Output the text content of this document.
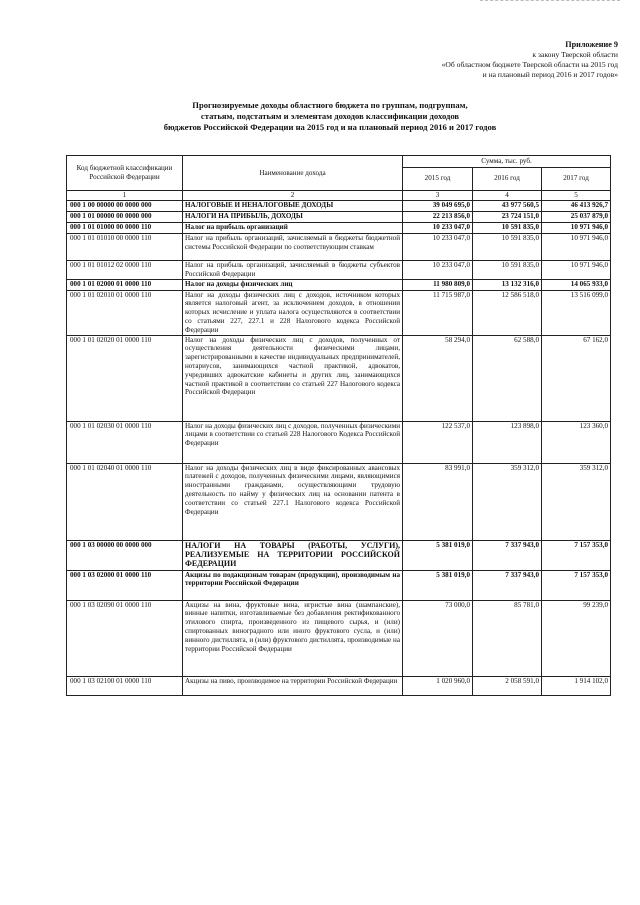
Приложение 9
к закону Тверской области
«Об областном бюджете Тверской области на 2015 год
и на плановый период 2016 и 2017 годов»
Прогнозируемые доходы областного бюджета по группам, подгруппам,
статьям, подстатьям и элементам доходов классификации доходов
бюджетов Российской Федерации на 2015 год и на плановый период 2016 и 2017 годов
Код бюджетной классификации Российской Федерации	Наименование дохода	Сумма, тыс. руб.		
		2015 год	2016 год	2017 год
1	2	3	4	5
000 1 00 00000 00 0000 000	НАЛОГОВЫЕ И НЕНАЛОГОВЫЕ ДОХОДЫ	39 049 695,0	43 977 560,5	46 413 926,7
000 1 01 00000 00 0000 000	НАЛОГИ НА ПРИБЫЛЬ, ДОХОДЫ	22 213 856,0	23 724 151,0	25 037 879,0
000 1 01 01000 00 0000 110	Налог на прибыль организаций	10 233 047,0	10 591 835,0	10 971 946,0
000 1 01 01010 00 0000 110	Налог на прибыль организаций, зачисляемый в бюджеты бюджетной системы Российской Федерации по соответствующим ставкам	10 233 047,0	10 591 835,0	10 971 946,0
000 1 01 01012 02 0000 110	Налог на прибыль организаций, зачисляемый в бюджеты субъектов Российской Федерации	10 233 047,0	10 591 835,0	10 971 946,0
000 1 01 02000 01 0000 110	Налог на доходы физических лиц	11 980 809,0	13 132 316,0	14 065 933,0
000 1 01 02010 01 0000 110	Налог на доходы физических лиц с доходов, источником которых является налоговый агент, за исключением доходов, в отношении которых исчисление и уплата налога осуществляются в соответствии со статьями 227, 227.1 и 228 Налогового кодекса Российской Федерации	11 715 987,0	12 586 518,0	13 516 099,0
000 1 01 02020 01 0000 110	Налог на доходы физических лиц с доходов, полученных от осуществления деятельности физическими лицами, зарегистрированными в качестве индивидуальных предпринимателей, нотариусов, занимающихся частной практикой, адвокатов, учредивших адвокатские кабинеты и других лиц, занимающихся частной практикой в соответствии со статьей 227 Налогового кодекса Российской Федерации	58 294,0	62 588,0	67 162,0
000 1 01 02030 01 0000 110	Налог на доходы физических лиц с доходов, полученных физическими лицами в соответствии со статьей 228 Налогового Кодекса Российской Федерации	122 537,0	123 898,0	123 360,0
000 1 01 02040 01 0000 110	Налог на доходы физических лиц в виде фиксированных авансовых платежей с доходов, полученных физическими лицами, являющимися иностранными гражданами, осуществляющими трудовую деятельность по найму у физических лиц на основании патента в соответствии со статьей 227.1 Налогового кодекса Российской Федерации	83 991,0	359 312,0	359 312,0
000 1 03 00000 00 0000 000	НАЛОГИ НА ТОВАРЫ (РАБОТЫ, УСЛУГИ), РЕАЛИЗУЕМЫЕ НА ТЕРРИТОРИИ РОССИЙСКОЙ ФЕДЕРАЦИИ	5 381 019,0	7 337 943,0	7 157 353,0
000 1 03 02000 01 0000 110	Акцизы по подакцизным товарам (продукции), производимым на территории Российской Федерации	5 381 019,0	7 337 943,0	7 157 353,0
000 1 03 02090 01 0000 110	Акцизы на вина, фруктовые вина, игристые вина (шампанские), винные напитки, изготавливаемые без добавления ректификованного этилового спирта, произведенного из пищевого сырья, и (или) спиртованных виноградного или иного фруктового сусла, и (или) винного дистиллята, и (или) фруктового дистиллята, производимые на территории Российской Федерации	73 000,0	85 781,0	99 239,0
000 1 03 02100 01 0000 110	Акцизы на пиво, производимое на территории Российской Федерации	1 020 960,0	2 058 591,0	1 914 102,0
